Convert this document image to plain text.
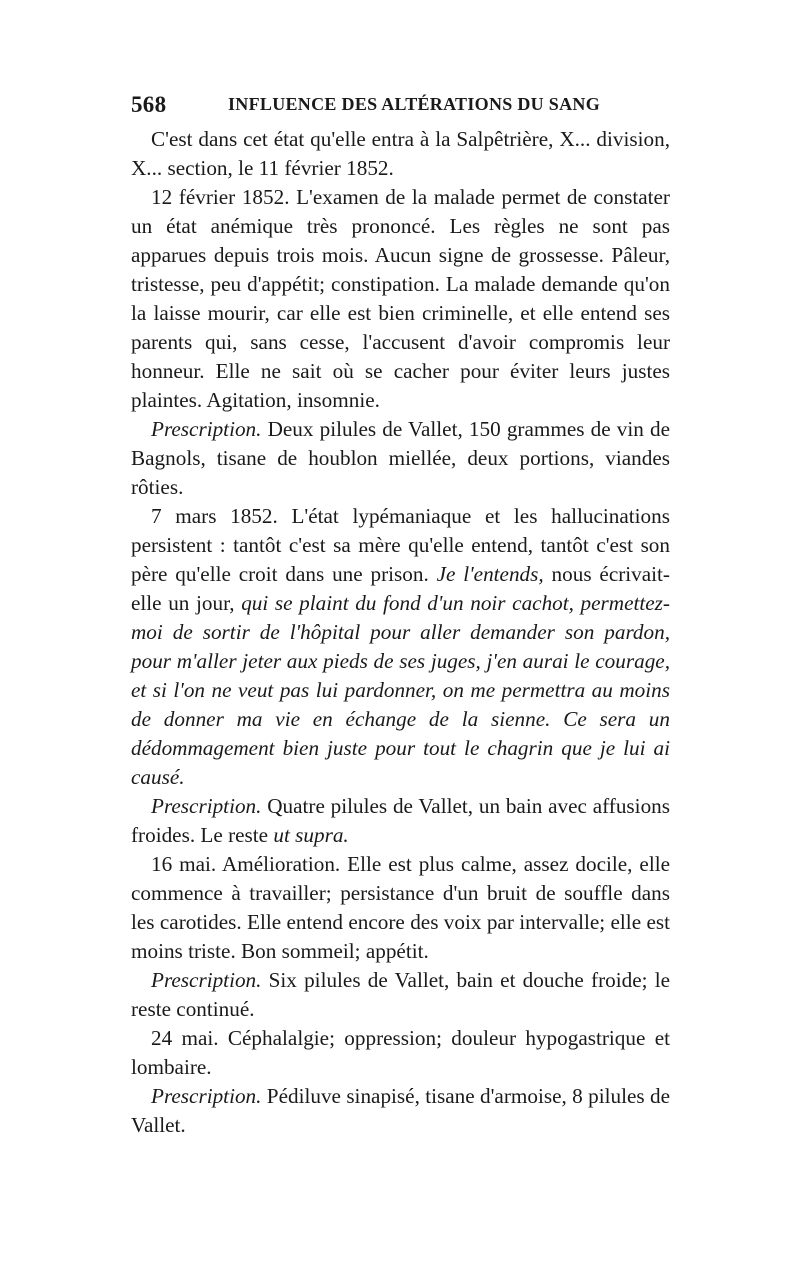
568	INFLUENCE DES ALTÉRATIONS DU SANG

C'est dans cet état qu'elle entra à la Salpêtrière, X... division, X... section, le 11 février 1852.

12 février 1852. L'examen de la malade permet de constater un état anémique très prononcé. Les règles ne sont pas apparues depuis trois mois. Aucun signe de grossesse. Pâleur, tristesse, peu d'appétit; constipation. La malade demande qu'on la laisse mourir, car elle est bien criminelle, et elle entend ses parents qui, sans cesse, l'accusent d'avoir compromis leur honneur. Elle ne sait où se cacher pour éviter leurs justes plaintes. Agitation, insomnie.

Prescription. Deux pilules de Vallet, 150 grammes de vin de Bagnols, tisane de houblon miellée, deux portions, viandes rôties.

7 mars 1852. L'état lypémaniaque et les hallucinations persistent : tantôt c'est sa mère qu'elle entend, tantôt c'est son père qu'elle croit dans une prison. Je l'entends, nous écrivait-elle un jour, qui se plaint du fond d'un noir cachot, permettez-moi de sortir de l'hôpital pour aller demander son pardon, pour m'aller jeter aux pieds de ses juges, j'en aurai le courage, et si l'on ne veut pas lui pardonner, on me permettra au moins de donner ma vie en échange de la sienne. Ce sera un dédommagement bien juste pour tout le chagrin que je lui ai causé.

Prescription. Quatre pilules de Vallet, un bain avec affusions froides. Le reste ut supra.

16 mai. Amélioration. Elle est plus calme, assez docile, elle commence à travailler; persistance d'un bruit de souffle dans les carotides. Elle entend encore des voix par intervalle; elle est moins triste. Bon sommeil; appétit.

Prescription. Six pilules de Vallet, bain et douche froide; le reste continué.

24 mai. Céphalalgie; oppression; douleur hypogastrique et lombaire.

Prescription. Pédiluve sinapisé, tisane d'armoise, 8 pilules de Vallet.
